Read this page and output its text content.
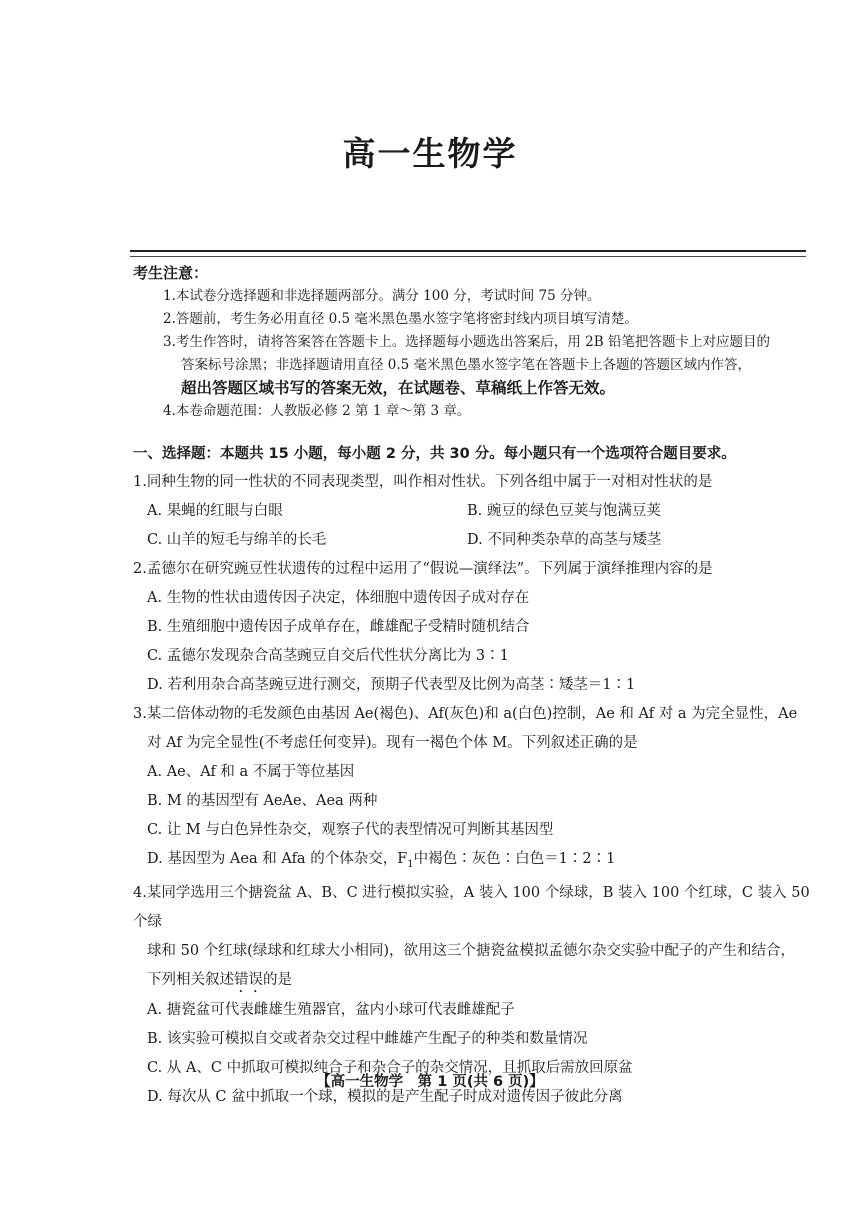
高一生物学
考生注意：
1.本试卷分选择题和非选择题两部分。满分 100 分，考试时间 75 分钟。
2.答题前，考生务必用直径 0.5 毫米黑色墨水签字笔将密封线内项目填写清楚。
3.考生作答时，请将答案答在答题卡上。选择题每小题选出答案后，用 2B 铅笔把答题卡上对应题目的
答案标号涂黑；非选择题请用直径 0.5 毫米黑色墨水签字笔在答题卡上各题的答题区域内作答，
超出答题区域书写的答案无效，在试题卷、草稿纸上作答无效。
4.本卷命题范围：人教版必修 2 第 1 章～第 3 章。
一、选择题：本题共 15 小题，每小题 2 分，共 30 分。每小题只有一个选项符合题目要求。
1.同种生物的同一性状的不同表现类型，叫作相对性状。下列各组中属于一对相对性状的是
A. 果蝇的红眼与白眼	B. 豌豆的绿色豆荚与饱满豆荚
C. 山羊的短毛与绵羊的长毛	D. 不同种类杂草的高茎与矮茎
2.孟德尔在研究豌豆性状遗传的过程中运用了“假说—演绎法”。下列属于演绎推理内容的是
A. 生物的性状由遗传因子决定，体细胞中遗传因子成对存在
B. 生殖细胞中遗传因子成单存在，雌雄配子受精时随机结合
C. 孟德尔发现杂合高茎豌豆自交后代性状分离比为 3∶1
D. 若利用杂合高茎豌豆进行测交，预期子代表型及比例为高茎∶矮茎＝1∶1
3.某二倍体动物的毛发颜色由基因 Ae(褐色)、Af(灰色)和 a(白色)控制，Ae 和 Af 对 a 为完全显性，Ae
对 Af 为完全显性(不考虑任何变异)。现有一褐色个体 M。下列叙述正确的是
A. Ae、Af 和 a 不属于等位基因
B. M 的基因型有 AeAe、Aea 两种
C. 让 M 与白色异性杂交，观察子代的表型情况可判断其基因型
D. 基因型为 Aea 和 Afa 的个体杂交，$F_1$中褐色∶灰色∶白色＝1∶2∶1
4.某同学选用三个搪瓷盆 A、B、C 进行模拟实验，A 装入 100 个绿球，B 装入 100 个红球，C 装入 50 个绿
球和 50 个红球(绿球和红球大小相同)，欲用这三个搪瓷盆模拟孟德尔杂交实验中配子的产生和结合，
下列相关叙述错误的是
A. 搪瓷盆可代表雌雄生殖器官，盆内小球可代表雌雄配子
B. 该实验可模拟自交或者杂交过程中雌雄产生配子的种类和数量情况
C. 从 A、C 中抓取可模拟纯合子和杂合子的杂交情况，且抓取后需放回原盆
D. 每次从 C 盆中抓取一个球，模拟的是产生配子时成对遗传因子彼此分离
【高一生物学　第 1 页(共 6 页)】
